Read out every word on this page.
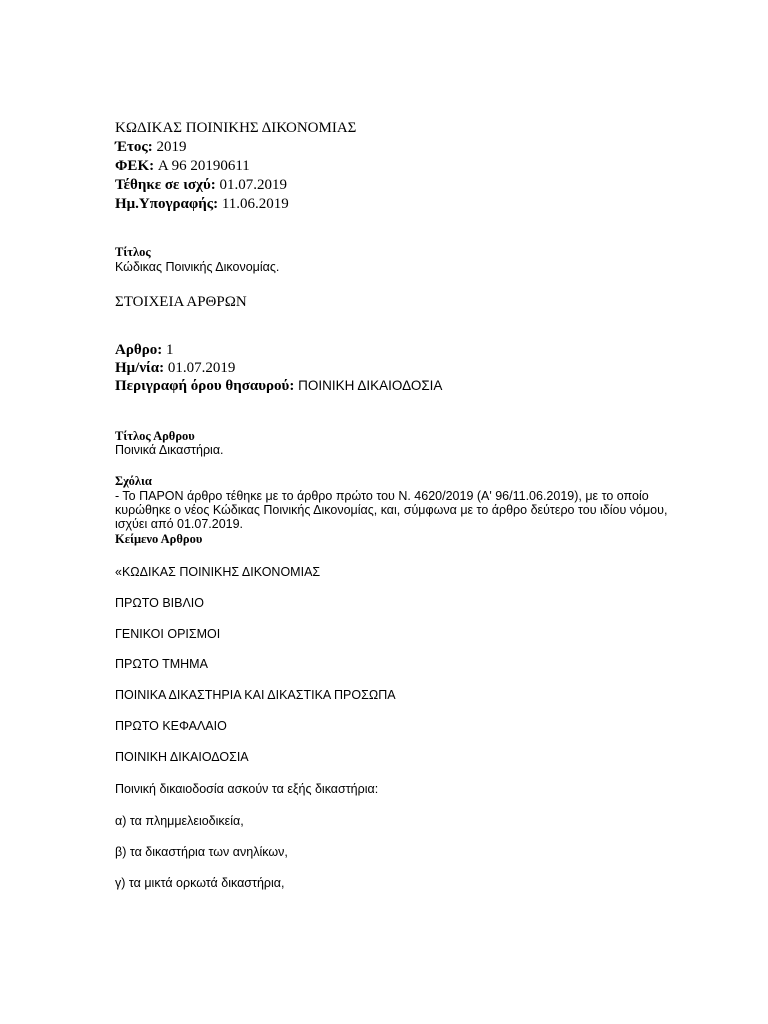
ΚΩΔΙΚΑΣ ΠΟΙΝΙΚΗΣ ΔΙΚΟΝΟΜΙΑΣ
Έτος: 2019
ΦΕΚ: A 96 20190611
Τέθηκε σε ισχύ: 01.07.2019
Ημ.Υπογραφής: 11.06.2019
Τίτλος
Κώδικας Ποινικής Δικονομίας.
ΣΤΟΙΧΕΙΑ ΑΡΘΡΩΝ
Αρθρο: 1
Ημ/νία: 01.07.2019
Περιγραφή όρου θησαυρού: ΠΟΙΝΙΚΗ ΔΙΚΑΙΟΔΟΣΙΑ
Τίτλος Αρθρου
Ποινικά Δικαστήρια.
Σχόλια
- Το ΠΑΡΟΝ άρθρο τέθηκε με το άρθρο πρώτο του Ν. 4620/2019 (Α' 96/11.06.2019), με το οποίο
κυρώθηκε ο νέος Κώδικας Ποινικής Δικονομίας, και, σύμφωνα με το άρθρο δεύτερο του ιδίου νόμου,
ισχύει από 01.07.2019.
Κείμενο Αρθρου
«ΚΩΔΙΚΑΣ ΠΟΙΝΙΚΗΣ ΔΙΚΟΝΟΜΙΑΣ
ΠΡΩΤΟ ΒΙΒΛΙΟ
ΓΕΝΙΚΟΙ ΟΡΙΣΜΟΙ
ΠΡΩΤΟ ΤΜΗΜΑ
ΠΟΙΝΙΚΑ ΔΙΚΑΣΤΗΡΙΑ ΚΑΙ ΔΙΚΑΣΤΙΚΑ ΠΡΟΣΩΠΑ
ΠΡΩΤΟ ΚΕΦΑΛΑΙΟ
ΠΟΙΝΙΚΗ ΔΙΚΑΙΟΔΟΣΙΑ
Ποινική δικαιοδοσία ασκούν τα εξής δικαστήρια:
α) τα πλημμελειοδικεία,
β) τα δικαστήρια των ανηλίκων,
γ) τα μικτά ορκωτά δικαστήρια,
